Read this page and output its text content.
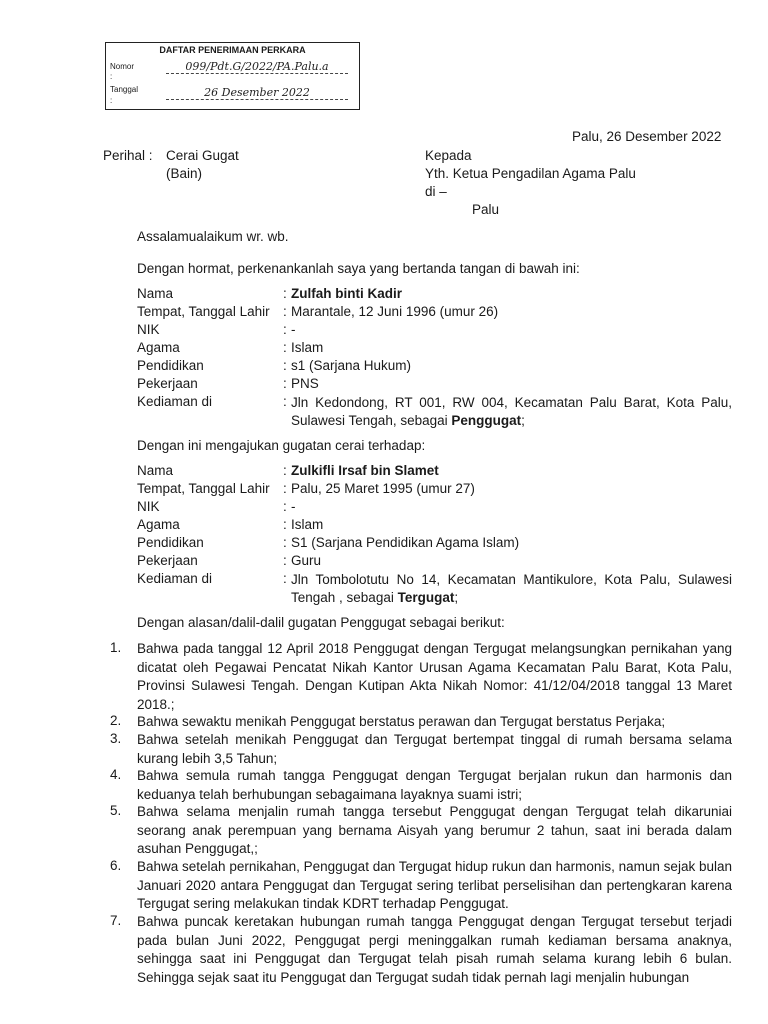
DAFTAR PENERIMAAN PERKARA
Nomor
:
099/Pdt.G/2022/PA.Palu.a
Tanggal
:
26 Desember 2022
Palu, 26 Desember 2022
Perihal : Cerai Gugat
(Bain)
Kepada
Yth. Ketua Pengadilan Agama Palu
di –
Palu
Assalamualaikum wr. wb.
Dengan hormat, perkenankanlah saya yang bertanda tangan di bawah ini:
Nama	: Zulfah binti Kadir
Tempat, Tanggal Lahir : Marantale, 12 Juni 1996 (umur 26)
NIK	: -
Agama	: Islam
Pendidikan	: s1 (Sarjana Hukum)
Pekerjaan	: PNS
Kediaman di	: Jln Kedondong, RT 001, RW 004, Kecamatan Palu Barat, Kota Palu, Sulawesi Tengah, sebagai Penggugat;
Dengan ini mengajukan gugatan cerai terhadap:
Nama	: Zulkifli Irsaf bin Slamet
Tempat, Tanggal Lahir : Palu, 25 Maret 1995 (umur 27)
NIK	: -
Agama	: Islam
Pendidikan	: S1 (Sarjana Pendidikan Agama Islam)
Pekerjaan	: Guru
Kediaman di	: Jln Tombolotutu No 14, Kecamatan Mantikulore, Kota Palu, Sulawesi Tengah , sebagai Tergugat;
Dengan alasan/dalil-dalil gugatan Penggugat sebagai berikut:
1. Bahwa pada tanggal 12 April 2018 Penggugat dengan Tergugat melangsungkan pernikahan yang dicatat oleh Pegawai Pencatat Nikah Kantor Urusan Agama Kecamatan Palu Barat, Kota Palu, Provinsi Sulawesi Tengah. Dengan Kutipan Akta Nikah Nomor: 41/12/04/2018 tanggal 13 Maret 2018.;
2. Bahwa sewaktu menikah Penggugat berstatus perawan dan Tergugat berstatus Perjaka;
3. Bahwa setelah menikah Penggugat dan Tergugat bertempat tinggal di rumah bersama selama kurang lebih 3,5 Tahun;
4. Bahwa semula rumah tangga Penggugat dengan Tergugat berjalan rukun dan harmonis dan keduanya telah berhubungan sebagaimana layaknya suami istri;
5. Bahwa selama menjalin rumah tangga tersebut Penggugat dengan Tergugat telah dikaruniai seorang anak perempuan yang bernama Aisyah yang berumur 2 tahun, saat ini berada dalam asuhan Penggugat,;
6. Bahwa setelah pernikahan, Penggugat dan Tergugat hidup rukun dan harmonis, namun sejak bulan Januari 2020 antara Penggugat dan Tergugat sering terlibat perselisihan dan pertengkaran karena Tergugat sering melakukan tindak KDRT terhadap Penggugat.
7. Bahwa puncak keretakan hubungan rumah tangga Penggugat dengan Tergugat tersebut terjadi pada bulan Juni 2022, Penggugat pergi meninggalkan rumah kediaman bersama anaknya, sehingga saat ini Penggugat dan Tergugat telah pisah rumah selama kurang lebih 6 bulan. Sehingga sejak saat itu Penggugat dan Tergugat sudah tidak pernah lagi menjalin hubungan
